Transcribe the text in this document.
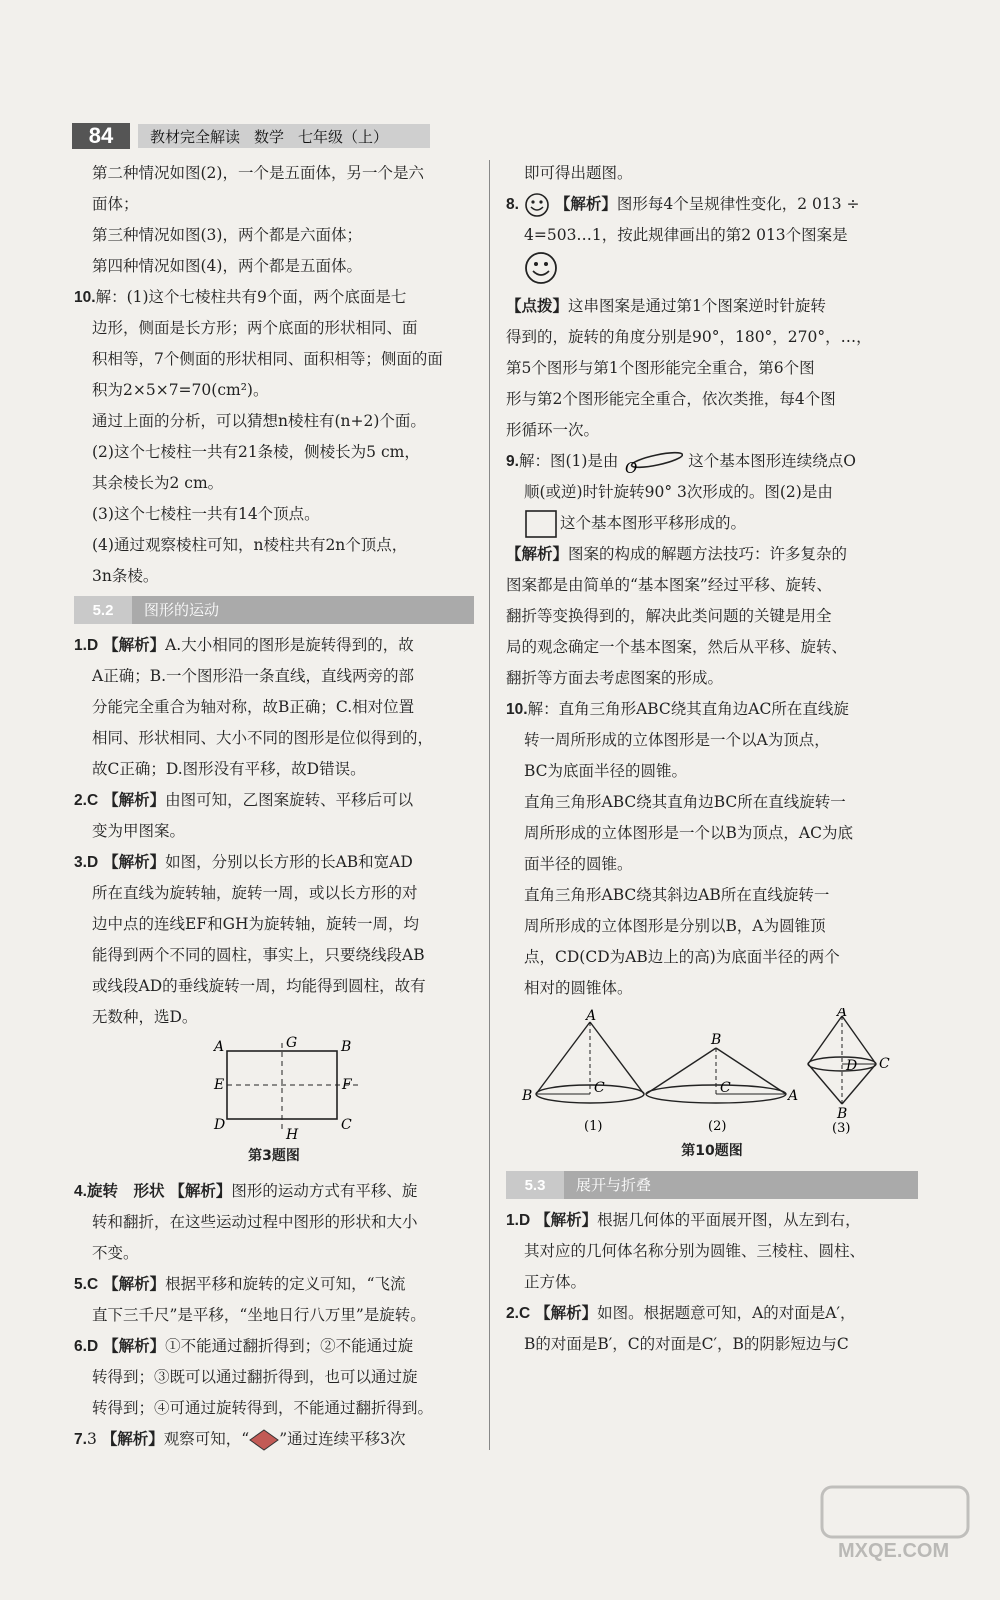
84	教材完全解读 数学 七年级（上）

第二种情况如图(2)，一个是五面体，另一个是六

面体；

第三种情况如图(3)，两个都是六面体；

第四种情况如图(4)，两个都是五面体。

10.解：(1)这个七棱柱共有9个面，两个底面是七

边形，侧面是长方形；两个底面的形状相同、面

积相等，7个侧面的形状相同、面积相等；侧面的面

积为2×5×7=70(cm²)。

通过上面的分析，可以猜想n棱柱有(n+2)个面。

(2)这个七棱柱一共有21条棱，侧棱长为5 cm，

其余棱长为2 cm。

(3)这个七棱柱一共有14个顶点。

(4)通过观察棱柱可知，n棱柱共有2n个顶点，

3n条棱。

5.2	图形的运动

1.D 【解析】A.大小相同的图形是旋转得到的，故

A正确；B.一个图形沿一条直线，直线两旁的部

分能完全重合为轴对称，故B正确；C.相对位置

相同、形状相同、大小不同的图形是位似得到的，

故C正确；D.图形没有平移，故D错误。

2.C 【解析】由图可知，乙图案旋转、平移后可以

变为甲图案。

3.D 【解析】如图，分别以长方形的长AB和宽AD

所在直线为旋转轴，旋转一周，或以长方形的对

边中点的连线EF和GH为旋转轴，旋转一周，均

能得到两个不同的圆柱，事实上，只要绕线段AB

或线段AD的垂线旋转一周，均能得到圆柱，故有

无数种，选D。

A	G	B
E	F
D
H
C

第3题图

4.旋转　形状 【解析】图形的运动方式有平移、旋

转和翻折，在这些运动过程中图形的形状和大小

不变。

5.C 【解析】根据平移和旋转的定义可知，“飞流

直下三千尺”是平移，“坐地日行八万里”是旋转。

6.D 【解析】①不能通过翻折得到；②不能通过旋

转得到；③既可以通过翻折得到，也可以通过旋

转得到；④可通过旋转得到，不能通过翻折得到。

7.3 【解析】观察可知，“ ”通过连续平移3次

即可得出题图。

8. 【解析】图形每4个呈规律性变化，2 013 ÷

4=503…1，按此规律画出的第2 013个图案是

【点拨】这串图案是通过第1个图案逆时针旋转

得到的，旋转的角度分别是90°，180°，270°，…，

第5个图形与第1个图形能完全重合，第6个图

形与第2个图形能完全重合，依次类推，每4个图

形循环一次。

9.解：图(1)是由 O	这个基本图形连续绕点O

顺(或逆)时针旋转90° 3次形成的。图(2)是由

这个基本图形平移形成的。

【解析】图案的构成的解题方法技巧：许多复杂的

图案都是由简单的“基本图案”经过平移、旋转、

翻折等变换得到的，解决此类问题的关键是用全

局的观念确定一个基本图案，然后从平移、旋转、

翻折等方面去考虑图案的形成。

10.解：直角三角形ABC绕其直角边AC所在直线旋

转一周所形成的立体图形是一个以A为顶点，

BC为底面半径的圆锥。

直角三角形ABC绕其直角边BC所在直线旋转一

周所形成的立体图形是一个以B为顶点，AC为底

面半径的圆锥。

直角三角形ABC绕其斜边AB所在直线旋转一

周所形成的立体图形是分别以B，A为圆锥顶

点，CD(CD为AB边上的高)为底面半径的两个

相对的圆锥体。

A
B	C
(1)
B
C	A
(2)
A
D C
B
(3)

第10题图

5.3	展开与折叠

1.D 【解析】根据几何体的平面展开图，从左到右，

其对应的几何体名称分别为圆锥、三棱柱、圆柱、

正方体。

2.C 【解析】如图。根据题意可知，A的对面是A′，

B的对面是B′，C的对面是C′，B的阴影短边与C

MXQE.COM
